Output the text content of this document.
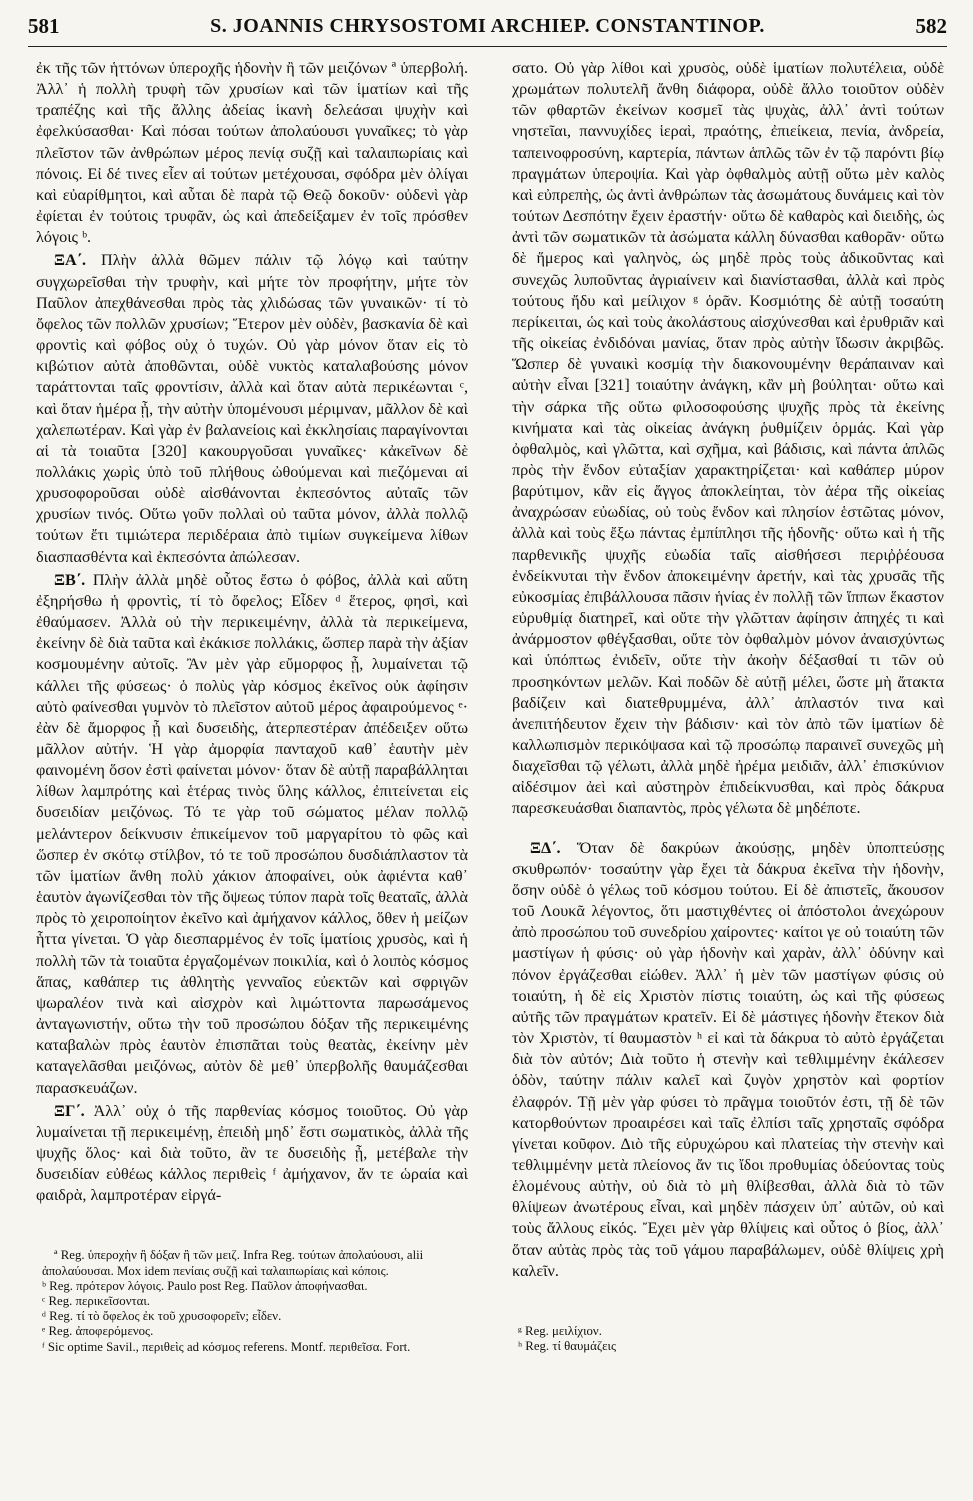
581	S. JOANNIS CHRYSOSTOMI ARCHIEP. CONSTANTINOP.	582

ἐκ τῆς τῶν ἡττόνων ὑπεροχῆς ἡδονὴν ἢ τῶν μειζόνων ª ὑπερβολή. Ἀλλ᾽ ἡ πολλὴ τρυφὴ τῶν χρυσίων καὶ τῶν ἱματίων καὶ τῆς τραπέζης καὶ τῆς ἄλλης ἀδείας ἱκανὴ δελεάσαι ψυχὴν καὶ ἐφελκύσασθαι· Καὶ πόσαι τούτων ἀπολαύουσι γυναῖκες; τὸ γὰρ πλεῖστον τῶν ἀνθρώπων μέρος πενίᾳ συζῇ καὶ ταλαιπωρίαις καὶ πόνοις. Εἰ δέ τινες εἶεν αἱ τούτων μετέχουσαι, σφόδρα μὲν ὀλίγαι καὶ εὐαρίθμητοι, καὶ αὗται δὲ παρὰ τῷ Θεῷ δοκοῦν· οὐδενὶ γὰρ ἐφίεται ἐν τούτοις τρυφᾶν, ὡς καὶ ἀπεδείξαμεν ἐν τοῖς πρόσθεν λόγοις ᵇ.

ΞΑ΄. Πλὴν ἀλλὰ θῶμεν πάλιν τῷ λόγῳ καὶ ταύτην συγχωρεῖσθαι τὴν τρυφὴν, καὶ μήτε τὸν προφήτην, μήτε τὸν Παῦλον ἀπεχθάνεσθαι πρὸς τὰς χλιδώσας τῶν γυναικῶν· τί τὸ ὄφελος τῶν πολλῶν χρυσίων; Ἕτερον μὲν οὐδὲν, βασκανία δὲ καὶ φροντὶς καὶ φόβος οὐχ ὁ τυχών. Οὐ γὰρ μόνον ὅταν εἰς τὸ κιβώτιον αὐτὰ ἀποθῶνται, οὐδὲ νυκτὸς καταλαβούσης μόνον ταράττονται ταῖς φροντίσιν, ἀλλὰ καὶ ὅταν αὐτὰ περικέωνται ᶜ, καὶ ὅταν ἡμέρα ᾖ, τὴν αὐτὴν ὑπομένουσι μέριμναν, μᾶλλον δὲ καὶ χαλεπωτέραν. Καὶ γὰρ ἐν βαλανείοις καὶ ἐκκλησίαις παραγίνονται αἱ τὰ τοιαῦτα [320] κακουργοῦσαι γυναῖκες· κἀκεῖνων δὲ πολλάκις χωρὶς ὑπὸ τοῦ πλήθους ὠθούμεναι καὶ πιεζόμεναι αἱ χρυσοφοροῦσαι οὐδὲ αἰσθάνονται ἐκπεσόντος αὐταῖς τῶν χρυσίων τινός. Οὕτω γοῦν πολλαὶ οὐ ταῦτα μόνον, ἀλλὰ πολλῷ τούτων ἔτι τιμιώτερα περιδέραια ἀπὸ τιμίων συγκείμενα λίθων διασπασθέντα καὶ ἐκπεσόντα ἀπώλεσαν.

ΞΒ΄. Πλὴν ἀλλὰ μηδὲ οὗτος ἔστω ὁ φόβος, ἀλλὰ καὶ αὕτη ἐξηρήσθω ἡ φροντὶς, τί τὸ ὄφελος; Εἶδεν ᵈ ἕτερος, φησὶ, καὶ ἐθαύμασεν. Ἀλλὰ οὐ τὴν περικειμένην, ἀλλὰ τὰ περικείμενα, ἐκείνην δὲ διὰ ταῦτα καὶ ἐκάκισε πολλάκις, ὥσπερ παρὰ τὴν ἀξίαν κοσμουμένην αὐτοῖς. Ἂν μὲν γὰρ εὔμορφος ᾖ, λυμαίνεται τῷ κάλλει τῆς φύσεως· ὁ πολὺς γὰρ κόσμος ἐκεῖνος οὐκ ἀφίησιν αὐτὸ φαίνεσθαι γυμνὸν τὸ πλεῖστον αὐτοῦ μέρος ἀφαιρούμενος ᵉ· ἐὰν δὲ ἄμορφος ᾖ καὶ δυσειδὴς, ἀτερπεστέραν ἀπέδειξεν οὕτω μᾶλλον αὐτήν. Ἡ γὰρ ἀμορφία πανταχοῦ καθ᾽ ἑαυτὴν μὲν φαινομένη ὅσον ἐστὶ φαίνεται μόνον· ὅταν δὲ αὐτῇ παραβάλληται λίθων λαμπρότης καὶ ἑτέρας τινὸς ὕλης κάλλος, ἐπιτείνεται εἰς δυσειδίαν μειζόνως. Τό τε γὰρ τοῦ σώματος μέλαν πολλῷ μελάντερον δείκνυσιν ἐπικείμενον τοῦ μαργαρίτου τὸ φῶς καὶ ὥσπερ ἐν σκότῳ στίλβον, τό τε τοῦ προσώπου δυσδιάπλαστον τὰ τῶν ἱματίων ἄνθη πολὺ χάκιον ἀποφαίνει, οὐκ ἀφιέντα καθ᾽ ἑαυτὸν ἀγωνίζεσθαι τὸν τῆς ὄψεως τύπον παρὰ τοῖς θεαταῖς, ἀλλὰ πρὸς τὸ χειροποίητον ἐκεῖνο καὶ ἀμήχανον κάλλος, ὅθεν ἡ μείζων ἧττα γίνεται. Ὁ γὰρ διεσπαρμένος ἐν τοῖς ἱματίοις χρυσὸς, καὶ ἡ πολλὴ τῶν τὰ τοιαῦτα ἐργαζομένων ποικιλία, καὶ ὁ λοιπὸς κόσμος ἅπας, καθάπερ τις ἀθλητὴς γενναῖος εὐεκτῶν καὶ σφριγῶν ψωραλέον τινὰ καὶ αἰσχρὸν καὶ λιμώττοντα παρωσάμενος ἀνταγωνιστήν, οὕτω τὴν τοῦ προσώπου δόξαν τῆς περικειμένης καταβαλὼν πρὸς ἑαυτὸν ἐπισπᾶται τοὺς θεατὰς, ἐκείνην μὲν καταγελᾶσθαι μειζόνως, αὐτὸν δὲ μεθ᾽ ὑπερβολῆς θαυμάζεσθαι παρασκευάζων.

ΞΓ΄. Ἀλλ᾽ οὐχ ὁ τῆς παρθενίας κόσμος τοιοῦτος. Οὐ γὰρ λυμαίνεται τῇ περικειμένῃ, ἐπειδὴ μηδ᾽ ἔστι σωματικὸς, ἀλλὰ τῆς ψυχῆς ὅλος· καὶ διὰ τοῦτο, ἂν τε δυσειδὴς ᾖ, μετέβαλε τὴν δυσειδίαν εὐθέως κάλλος περιθεὶς ᶠ ἀμήχανον, ἄν τε ὡραία καὶ φαιδρὰ, λαμπροτέραν εἰργά-

ª Reg. ὑπεροχὴν ἢ δόξαν ἢ τῶν μειζ. Infra Reg. τούτων ἀπολαύουσι, alii ἀπολαύουσαι. Mox idem πενίαις συζῇ καὶ ταλαιπωρίαις καὶ κόποις.

ᵇ Reg. πρότερον λόγοις. Paulo post Reg. Παῦλον ἀποφήνασθαι.

ᶜ Reg. περικεῖσονται.

ᵈ Reg. τί τὸ ὄφελος ἐκ τοῦ χρυσοφορεῖν; εἶδεν.

ᵉ Reg. ἀποφερόμενος.

ᶠ Sic optime Savil., περιθεὶς ad κόσμος referens. Montf. περιθεῖσα. Fort.

σατο. Οὐ γὰρ λίθοι καὶ χρυσὸς, οὐδὲ ἱματίων πολυτέλεια, οὐδὲ χρωμάτων πολυτελῆ ἄνθη διάφορα, οὐδὲ ἄλλο τοιοῦτον οὐδὲν τῶν φθαρτῶν ἐκείνων κοσμεῖ τὰς ψυχὰς, ἀλλ᾽ ἀντὶ τούτων νηστεῖαι, παννυχίδες ἱεραὶ, πραότης, ἐπιείκεια, πενία, ἀνδρεία, ταπεινοφροσύνη, καρτερία, πάντων ἁπλῶς τῶν ἐν τῷ παρόντι βίῳ πραγμάτων ὑπεροψία. Καὶ γὰρ ὀφθαλμὸς αὐτῇ οὕτω μὲν καλὸς καὶ εὐπρεπὴς, ὡς ἀντὶ ἀνθρώπων τὰς ἀσωμάτους δυνάμεις καὶ τὸν τούτων Δεσπότην ἔχειν ἐραστήν· οὕτω δὲ καθαρὸς καὶ διειδὴς, ὡς ἀντὶ τῶν σωματικῶν τὰ ἀσώματα κάλλη δύνασθαι καθορᾶν· οὕτω δὲ ἥμερος καὶ γαληνὸς, ὡς μηδὲ πρὸς τοὺς ἀδικοῦντας καὶ συνεχῶς λυποῦντας ἀγριαίνειν καὶ διανίστασθαι, ἀλλὰ καὶ πρὸς τούτους ἤδυ καὶ μείλιχον ᵍ ὁρᾶν. Κοσμιότης δὲ αὐτῇ τοσαύτη περίκειται, ὡς καὶ τοὺς ἀκολάστους αἰσχύνεσθαι καὶ ἐρυθριᾶν καὶ τῆς οἰκείας ἐνδιδόναι μανίας, ὅταν πρὸς αὐτὴν ἴδωσιν ἀκριβῶς. Ὥσπερ δὲ γυναικὶ κοσμίᾳ τὴν διακονουμένην θεράπαιναν καὶ αὐτὴν εἶναι [321] τοιαύτην ἀνάγκη, κἂν μὴ βούληται· οὕτω καὶ τὴν σάρκα τῆς οὕτω φιλοσοφούσης ψυχῆς πρὸς τὰ ἐκείνης κινήματα καὶ τὰς οἰκείας ἀνάγκη ῥυθμίζειν ὁρμάς. Καὶ γὰρ ὀφθαλμὸς, καὶ γλῶττα, καὶ σχῆμα, καὶ βάδισις, καὶ πάντα ἁπλῶς πρὸς τὴν ἔνδον εὐταξίαν χαρακτηρίζεται· καὶ καθάπερ μύρον βαρύτιμον, κἂν εἰς ἄγγος ἀποκλείηται, τὸν ἀέρα τῆς οἰκείας ἀναχρώσαν εὐωδίας, οὐ τοὺς ἔνδον καὶ πλησίον ἑστῶτας μόνον, ἀλλὰ καὶ τοὺς ἔξω πάντας ἐμπίπλησι τῆς ἡδονῆς· οὕτω καὶ ἡ τῆς παρθενικῆς ψυχῆς εὐωδία ταῖς αἰσθήσεσι περιῤῥέουσα ἐνδείκνυται τὴν ἔνδον ἀποκειμένην ἀρετήν, καὶ τὰς χρυσᾶς τῆς εὐκοσμίας ἐπιβάλλουσα πᾶσιν ἡνίας ἐν πολλῇ τῶν ἵππων ἕκαστον εὐρυθμίᾳ διατηρεῖ, καὶ οὔτε τὴν γλῶτταν ἀφίησιν ἀπηχές τι καὶ ἀνάρμοστον φθέγξασθαι, οὔτε τὸν ὀφθαλμὸν μόνον ἀναισχύντως καὶ ὑπόπτως ἐνιδεῖν, οὔτε τὴν ἀκοὴν δέξασθαί τι τῶν οὐ προσηκόντων μελῶν. Καὶ ποδῶν δὲ αὐτῇ μέλει, ὥστε μὴ ἄτακτα βαδίζειν καὶ διατεθρυμμένα, ἀλλ᾽ ἀπλαστόν τινα καὶ ἀνεπιτήδευτον ἔχειν τὴν βάδισιν· καὶ τὸν ἀπὸ τῶν ἱματίων δὲ καλλωπισμὸν περικόψασα καὶ τῷ προσώπῳ παραινεῖ συνεχῶς μὴ διαχεῖσθαι τῷ γέλωτι, ἀλλὰ μηδὲ ἠρέμα μειδιᾶν, ἀλλ᾽ ἐπισκύνιον αἰδέσιμον ἀεὶ καὶ αὐστηρὸν ἐπιδείκνυσθαι, καὶ πρὸς δάκρυα παρεσκευάσθαι διαπαντὸς, πρὸς γέλωτα δὲ μηδέποτε.

ΞΔ΄. Ὅταν δὲ δακρύων ἀκούσῃς, μηδὲν ὑποπτεύσῃς σκυθρωπόν· τοσαύτην γὰρ ἔχει τὰ δάκρυα ἐκεῖνα τὴν ἡδονὴν, ὅσην οὐδὲ ὁ γέλως τοῦ κόσμου τούτου. Εἰ δὲ ἀπιστεῖς, ἄκουσον τοῦ Λουκᾶ λέγοντος, ὅτι μαστιχθέντες οἱ ἀπόστολοι ἀνεχώρουν ἀπὸ προσώπου τοῦ συνεδρίου χαίροντες· καίτοι γε οὐ τοιαύτη τῶν μαστίγων ἡ φύσις· οὐ γὰρ ἡδονὴν καὶ χαρὰν, ἀλλ᾽ ὀδύνην καὶ πόνον ἐργάζεσθαι εἰώθεν. Ἀλλ᾽ ἡ μὲν τῶν μαστίγων φύσις οὐ τοιαύτη, ἡ δὲ εἰς Χριστὸν πίστις τοιαύτη, ὡς καὶ τῆς φύσεως αὐτῆς τῶν πραγμάτων κρατεῖν. Εἰ δὲ μάστιγες ἡδονὴν ἔτεκον διὰ τὸν Χριστὸν, τί θαυμαστὸν ʰ εἰ καὶ τὰ δάκρυα τὸ αὐτὸ ἐργάζεται διὰ τὸν αὐτόν; Διὰ τοῦτο ἡ στενὴν καὶ τεθλιμμένην ἐκάλεσεν ὁδὸν, ταύτην πάλιν καλεῖ καὶ ζυγὸν χρηστὸν καὶ φορτίον ἐλαφρόν. Τῇ μὲν γὰρ φύσει τὸ πρᾶγμα τοιοῦτόν ἐστι, τῇ δὲ τῶν κατορθούντων προαιρέσει καὶ ταῖς ἐλπίσι ταῖς χρησταῖς σφόδρα γίνεται κοῦφον. Διὸ τῆς εὐρυχώρου καὶ πλατείας τὴν στενὴν καὶ τεθλιμμένην μετὰ πλείονος ἄν τις ἴδοι προθυμίας ὁδεύοντας τοὺς ἑλομένους αὐτὴν, οὐ διὰ τὸ μὴ θλίβεσθαι, ἀλλὰ διὰ τὸ τῶν θλίψεων ἀνωτέρους εἶναι, καὶ μηδὲν πάσχειν ὑπ᾽ αὐτῶν, οὐ καὶ τοὺς ἄλλους εἰκός. Ἔχει μὲν γὰρ θλίψεις καὶ οὗτος ὁ βίος, ἀλλ᾽ ὅταν αὐτὰς πρὸς τὰς τοῦ γάμου παραβάλωμεν, οὐδὲ θλίψεις χρὴ καλεῖν.

ᵍ Reg. μειλίχιον.

ʰ Reg. τί θαυμάζεις
